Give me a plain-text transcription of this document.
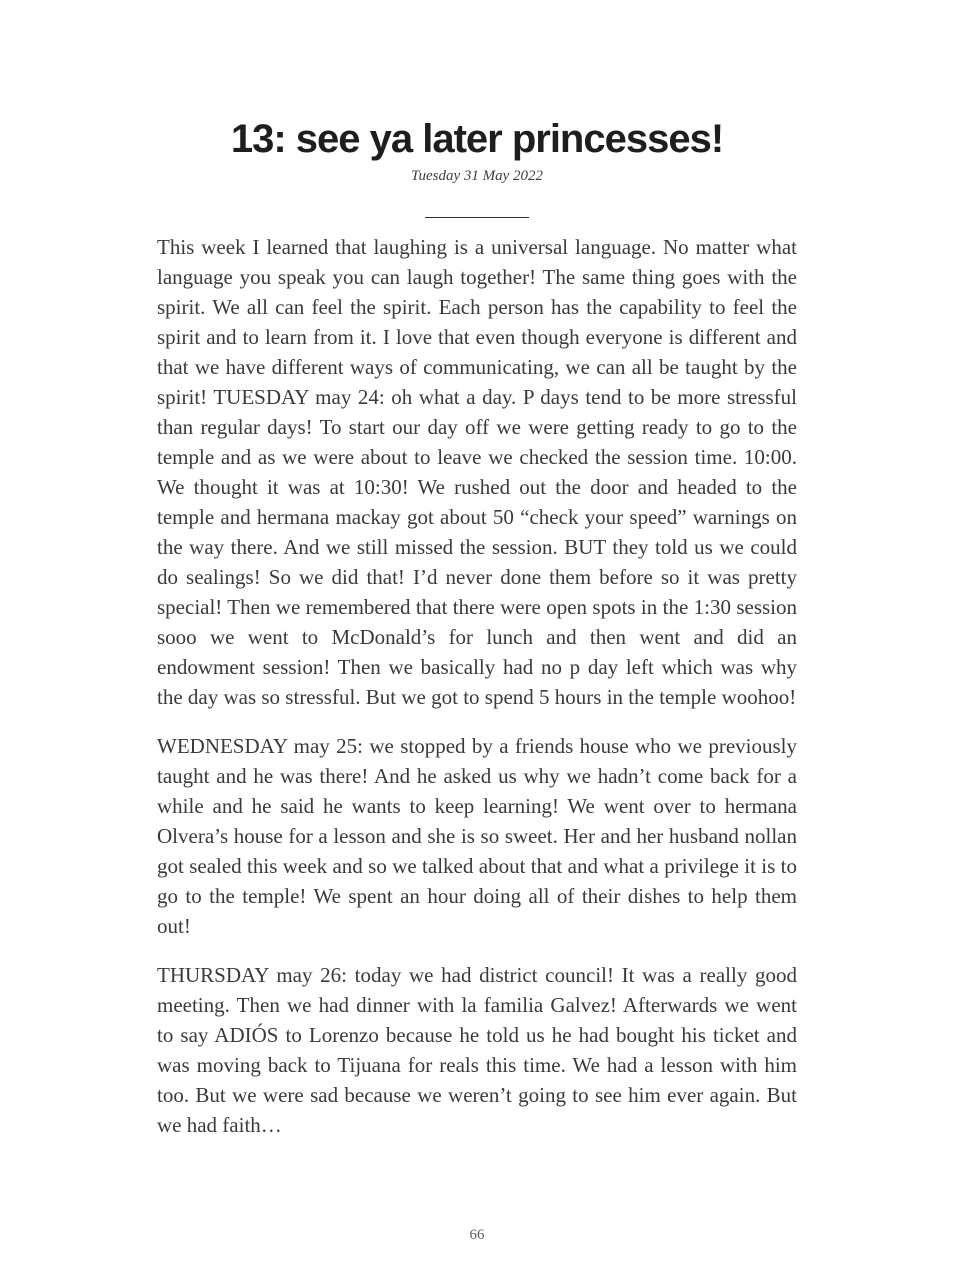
13: see ya later princesses!
Tuesday 31 May 2022

This week I learned that laughing is a universal language. No matter what language you speak you can laugh together! The same thing goes with the spirit. We all can feel the spirit. Each person has the capability to feel the spirit and to learn from it. I love that even though everyone is different and that we have different ways of communicating, we can all be taught by the spirit! TUESDAY may 24: oh what a day. P days tend to be more stressful than regular days! To start our day off we were getting ready to go to the temple and as we were about to leave we checked the session time. 10:00. We thought it was at 10:30! We rushed out the door and headed to the temple and hermana mackay got about 50 “check your speed” warnings on the way there. And we still missed the session. BUT they told us we could do sealings! So we did that! I’d never done them before so it was pretty special! Then we remembered that there were open spots in the 1:30 session sooo we went to McDonald’s for lunch and then went and did an endowment session! Then we basically had no p day left which was why the day was so stressful. But we got to spend 5 hours in the temple woohoo!

WEDNESDAY may 25: we stopped by a friends house who we previously taught and he was there! And he asked us why we hadn’t come back for a while and he said he wants to keep learning! We went over to hermana Olvera’s house for a lesson and she is so sweet. Her and her husband nollan got sealed this week and so we talked about that and what a privilege it is to go to the temple! We spent an hour doing all of their dishes to help them out!

THURSDAY may 26: today we had district council! It was a really good meeting. Then we had dinner with la familia Galvez! Afterwards we went to say ADIÓS to Lorenzo because he told us he had bought his ticket and was moving back to Tijuana for reals this time. We had a lesson with him too. But we were sad because we weren’t going to see him ever again. But we had faith…

66
